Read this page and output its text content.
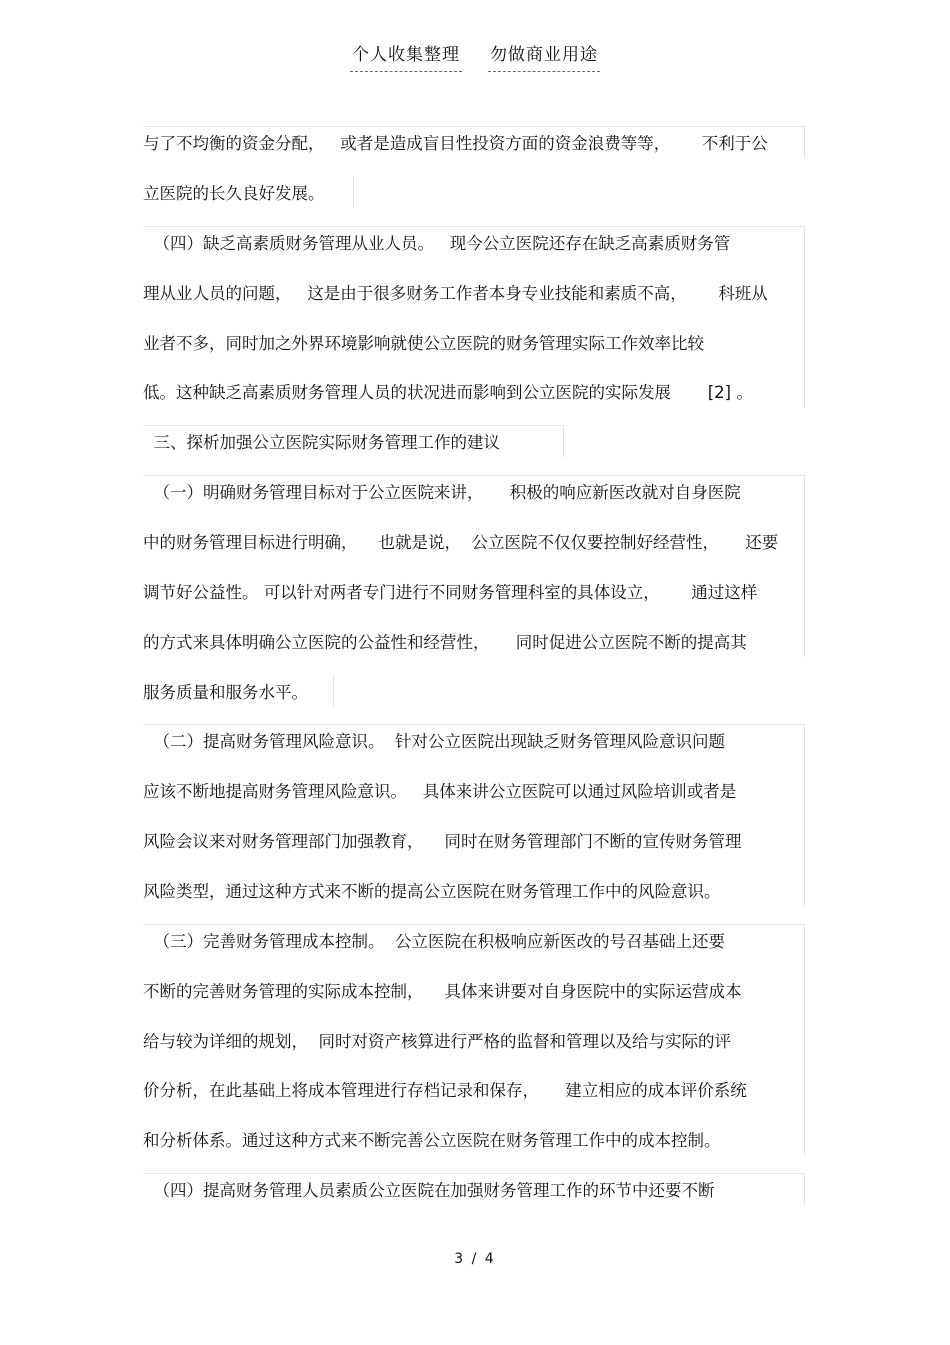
个人收集整理 勿做商业用途
与了不均衡的资金分配，   或者是造成盲目性投资方面的资金浪费等等，      不利于公
立医院的长久良好发展。
（四）缺乏高素质财务管理从业人员。   现今公立医院还存在缺乏高素质财务管
理从业人员的问题，   这是由于很多财务工作者本身专业技能和素质不高，      科班从
业者不多，同时加之外界环境影响就使公立医院的财务管理实际工作效率比较
低。这种缺乏高素质财务管理人员的状况进而影响到公立医院的实际发展       [2] 。
三、探析加强公立医院实际财务管理工作的建议
（一）明确财务管理目标对于公立医院来讲，     积极的响应新医改就对自身医院
中的财务管理目标进行明确，    也就是说，  公立医院不仅仅要控制好经营性，     还要
调节好公益性。 可以针对两者专门进行不同财务管理科室的具体设立，      通过这样
的方式来具体明确公立医院的公益性和经营性，     同时促进公立医院不断的提高其
服务质量和服务水平。
（二）提高财务管理风险意识。  针对公立医院出现缺乏财务管理风险意识问题
应该不断地提高财务管理风险意识。   具体来讲公立医院可以通过风险培训或者是
风险会议来对财务管理部门加强教育，    同时在财务管理部门不断的宣传财务管理
风险类型，通过这种方式来不断的提高公立医院在财务管理工作中的风险意识。
（三）完善财务管理成本控制。  公立医院在积极响应新医改的号召基础上还要
不断的完善财务管理的实际成本控制，    具体来讲要对自身医院中的实际运营成本
给与较为详细的规划，  同时对资产核算进行严格的监督和管理以及给与实际的评
价分析，在此基础上将成本管理进行存档记录和保存，     建立相应的成本评价系统
和分析体系。通过这种方式来不断完善公立医院在财务管理工作中的成本控制。
（四）提高财务管理人员素质公立医院在加强财务管理工作的环节中还要不断
3 / 4
